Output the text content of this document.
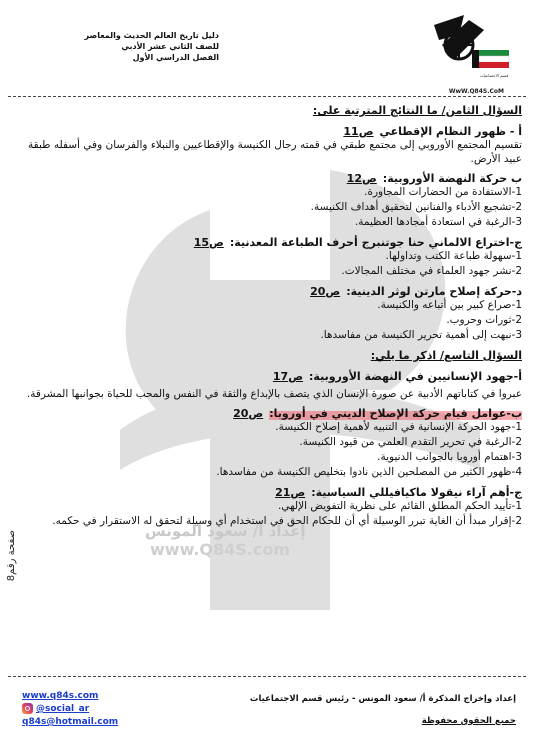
إعداد أ/ سعود المونس
www.Q84S.com
دليل تاريخ العالم الحديث والمعاصر
للصف الثاني عشر الأدبي
الفصل الدراسي الأول
قسم الاجتماعيات
WwW.Q84S.CoM
السؤال الثامن/ ما النتائج المترتبة على:
أ - ظهور النظام الإقطاعي
ص11
تقسيم المجتمع الأوروبي إلى مجتمع طبقي في قمته رجال الكنيسة والإقطاعيين والنبلاء والفرسان وفي أسفله طبقة عبيد الأرض.
ب حركة النهضة الأوروبية:
ص12
1-الاستفادة من الحضارات المجاورة.
2-تشجيع الأدباء والفنانين لتحقيق أهداف الكنيسة.
3-الرغبة في استعادة أمجادها العظيمة.
ج-اختراع الالماني حنا جوتنبرج أحرف الطباعة المعدنية:
ص15
1-سهولة طباعة الكتب وتداولها.
2-نشر جهود العلماء في مختلف المجالات.
د-حركة إصلاح مارتن لوثر الدينية:
ص20
1-صراع كبير بين أتباعه والكنيسة.
2-ثورات وحروب.
3-نبهت إلى أهمية تحرير الكنيسة من مفاسدها.
السؤال التاسع/ اذكر ما يلي:
أ-جهود الإنسانيين في النهضة الأوروبية:
ص17
عبروا في كتاباتهم الأدبية عن صورة الإنسان الذي يتصف بالإبداع والثقة في النفس والمحب للحياة بجوانبها المشرقة.
ب-عوامل قيام حركة الإصلاح الديني في أوروبا:
ص20
1-جهود الحركة الإنسانية في التنبيه لأهمية إصلاح الكنيسة.
2-الرغبة في تحرير التقدم العلمي من قيود الكنيسة.
3-اهتمام أوروبا بالجوانب الدنيوية.
4-ظهور الكثير من المصلحين الذين نادوا بتخليص الكنيسة من مفاسدها.
ج-أهم آراء نيقولا ماكيافيللي السياسية:
ص21
1-تأييد الحكم المطلق القائم على نظرية التفويض الإلهي.
2-إقرار مبدأ أن الغاية تبرر الوسيلة أي أن للحكام الحق في استخدام أي وسيلة لتحقق له الاستقرار في حكمه.
صفحة رقم8
www.q84s.com
@social_ar
q84s@hotmail.com
إعداد وإخراج المذكرة أ/ سعود المونس - رئيس قسم الاجتماعيات
جميع الحقوق محفوظة
